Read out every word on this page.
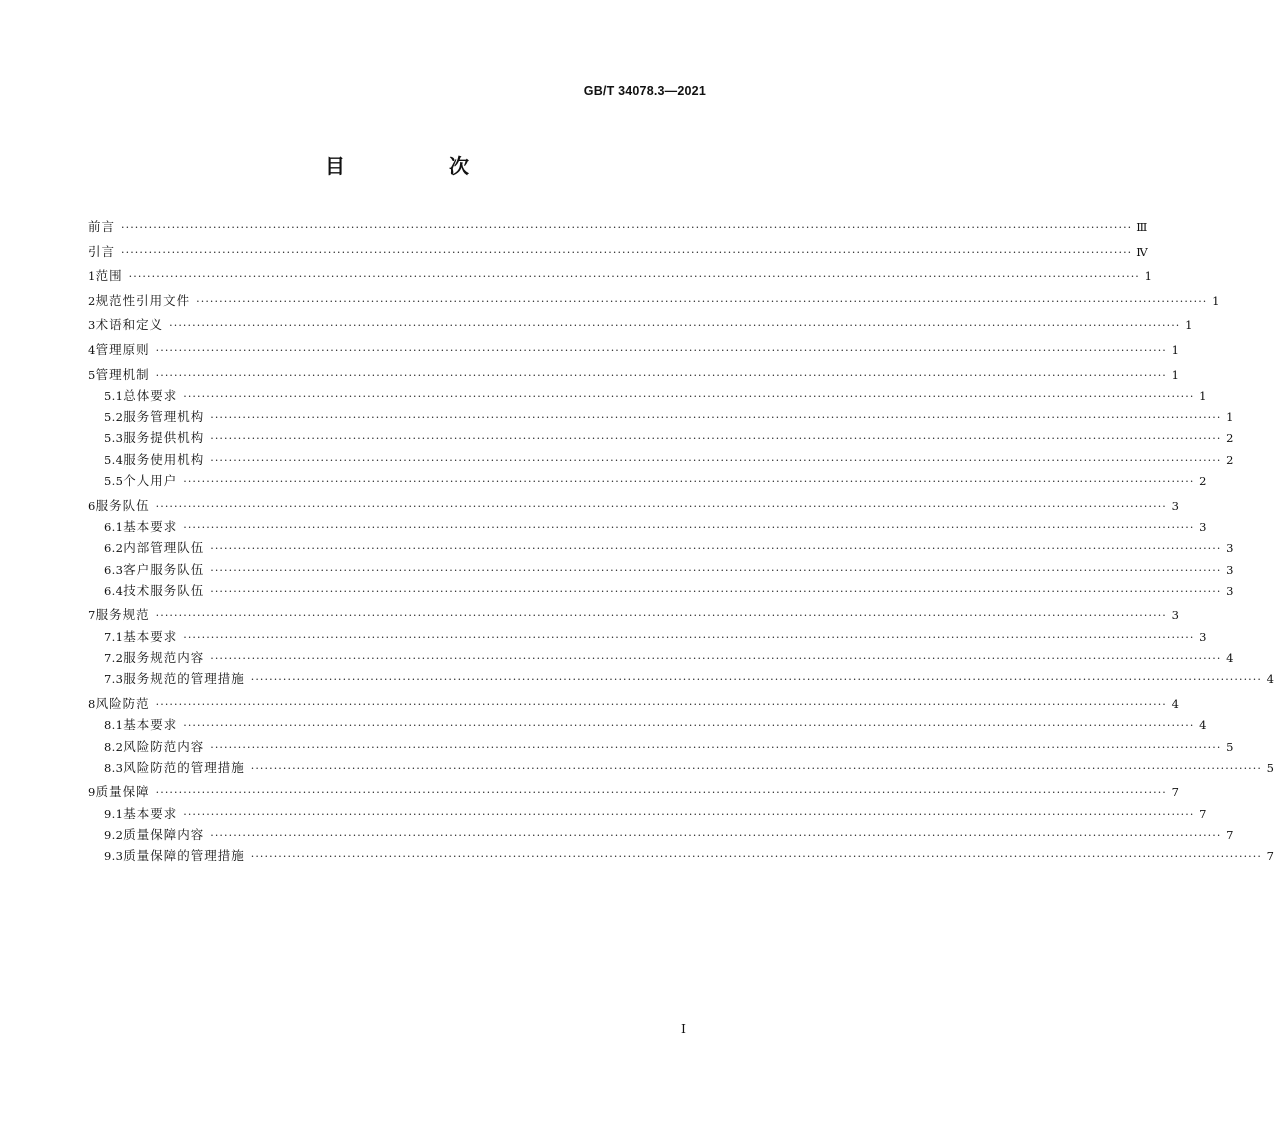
GB/T 34078.3—2021
目　次
前言 ···························································································································································································································· Ⅲ
引言 ···························································································································································································································· Ⅳ
1 范围 ···························································································································································································································· 1
2 规范性引用文件 ···························································································································································································································· 1
3 术语和定义 ···························································································································································································································· 1
4 管理原则 ···························································································································································································································· 1
5 管理机制 ···························································································································································································································· 1
5.1 总体要求 ···························································································································································································································· 1
5.2 服务管理机构 ···························································································································································································································· 1
5.3 服务提供机构 ···························································································································································································································· 2
5.4 服务使用机构 ···························································································································································································································· 2
5.5 个人用户 ···························································································································································································································· 2
6 服务队伍 ···························································································································································································································· 3
6.1 基本要求 ···························································································································································································································· 3
6.2 内部管理队伍 ···························································································································································································································· 3
6.3 客户服务队伍 ···························································································································································································································· 3
6.4 技术服务队伍 ···························································································································································································································· 3
7 服务规范 ···························································································································································································································· 3
7.1 基本要求 ···························································································································································································································· 3
7.2 服务规范内容 ···························································································································································································································· 4
7.3 服务规范的管理措施 ···························································································································································································································· 4
8 风险防范 ···························································································································································································································· 4
8.1 基本要求 ···························································································································································································································· 4
8.2 风险防范内容 ···························································································································································································································· 5
8.3 风险防范的管理措施 ···························································································································································································································· 5
9 质量保障 ···························································································································································································································· 7
9.1 基本要求 ···························································································································································································································· 7
9.2 质量保障内容 ···························································································································································································································· 7
9.3 质量保障的管理措施 ···························································································································································································································· 7
I
